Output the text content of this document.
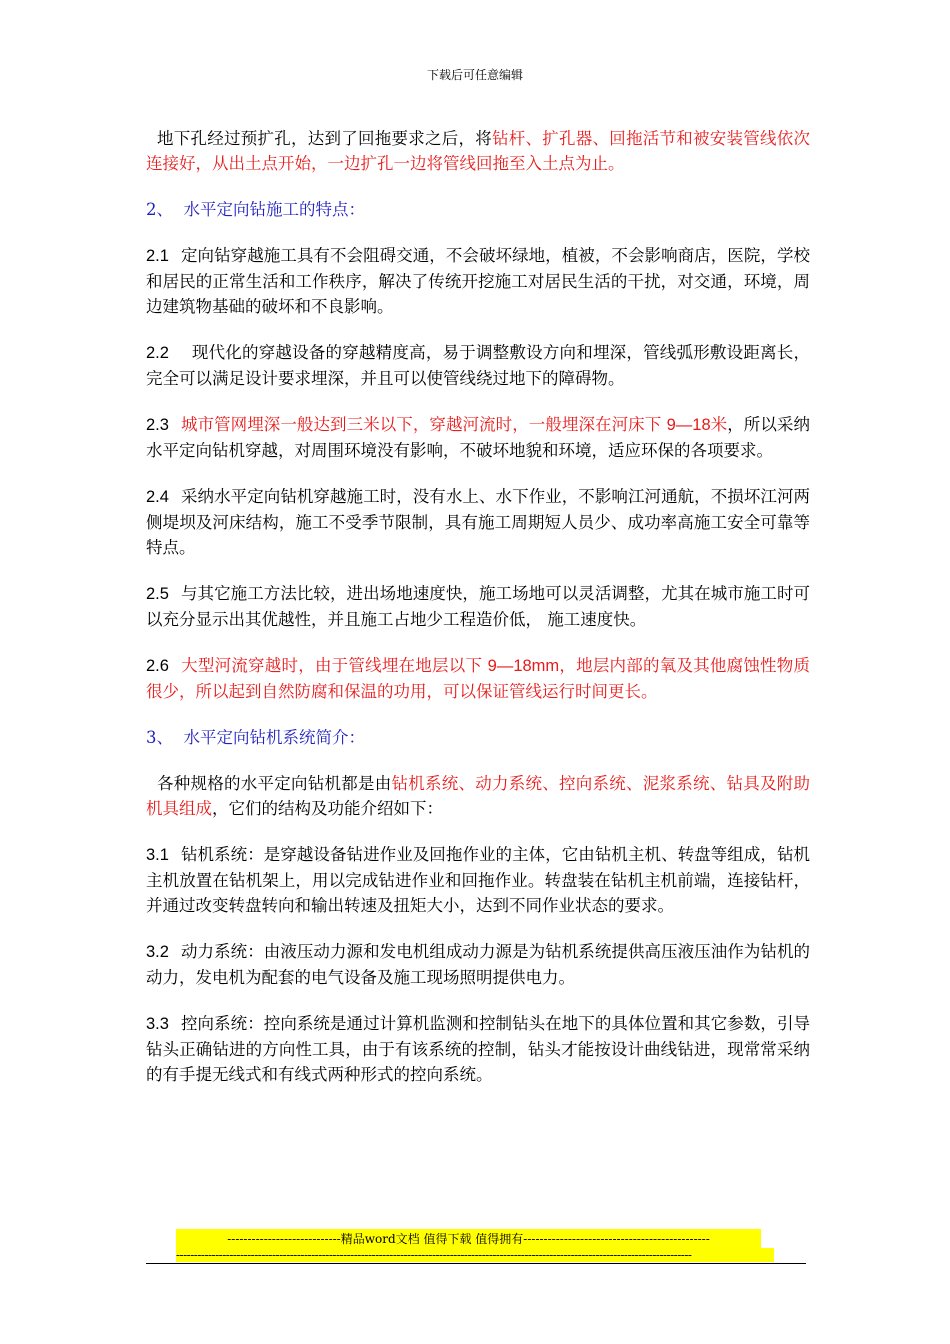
下载后可任意编辑

地下孔经过预扩孔，达到了回拖要求之后，将钻杆、扩孔器、回拖活节和被安装管线依次连接好，从出土点开始，一边扩孔一边将管线回拖至入土点为止。

2、  水平定向钻施工的特点：

2.1 定向钻穿越施工具有不会阻碍交通，不会破坏绿地，植被，不会影响商店，医院，学校和居民的正常生活和工作秩序，解决了传统开挖施工对居民生活的干扰，对交通，环境，周边建筑物基础的破坏和不良影响。

2.2  现代化的穿越设备的穿越精度高，易于调整敷设方向和埋深，管线弧形敷设距离长，完全可以满足设计要求埋深，并且可以使管线绕过地下的障碍物。

2.3 城市管网埋深一般达到三米以下，穿越河流时，一般埋深在河床下 9—18米，所以采纳水平定向钻机穿越，对周围环境没有影响，不破坏地貌和环境，适应环保的各项要求。

2.4 采纳水平定向钻机穿越施工时，没有水上、水下作业，不影响江河通航，不损坏江河两侧堤坝及河床结构，施工不受季节限制，具有施工周期短人员少、成功率高施工安全可靠等特点。

2.5 与其它施工方法比较，进出场地速度快，施工场地可以灵活调整，尤其在城市施工时可以充分显示出其优越性，并且施工占地少工程造价低， 施工速度快。

2.6 大型河流穿越时，由于管线埋在地层以下 9—18mm，地层内部的氧及其他腐蚀性物质很少，所以起到自然防腐和保温的功用，可以保证管线运行时间更长。

3、  水平定向钻机系统简介：

各种规格的水平定向钻机都是由钻机系统、动力系统、控向系统、泥浆系统、钻具及附助机具组成，它们的结构及功能介绍如下：

3.1 钻机系统：是穿越设备钻进作业及回拖作业的主体，它由钻机主机、转盘等组成，钻机主机放置在钻机架上，用以完成钻进作业和回拖作业。转盘装在钻机主机前端，连接钻杆，并通过改变转盘转向和输出转速及扭矩大小，达到不同作业状态的要求。

3.2 动力系统：由液压动力源和发电机组成动力源是为钻机系统提供高压液压油作为钻机的动力，发电机为配套的电气设备及施工现场照明提供电力。

3.3 控向系统：控向系统是通过计算机监测和控制钻头在地下的具体位置和其它参数，引导钻头正确钻进的方向性工具，由于有该系统的控制，钻头才能按设计曲线钻进，现常常采纳的有手提无线式和有线式两种形式的控向系统。

----------------------------精品word文档 值得下载 值得拥有----------------------------------------------
-------------------------------------------------------------------------------------------------------------------------------------------------
